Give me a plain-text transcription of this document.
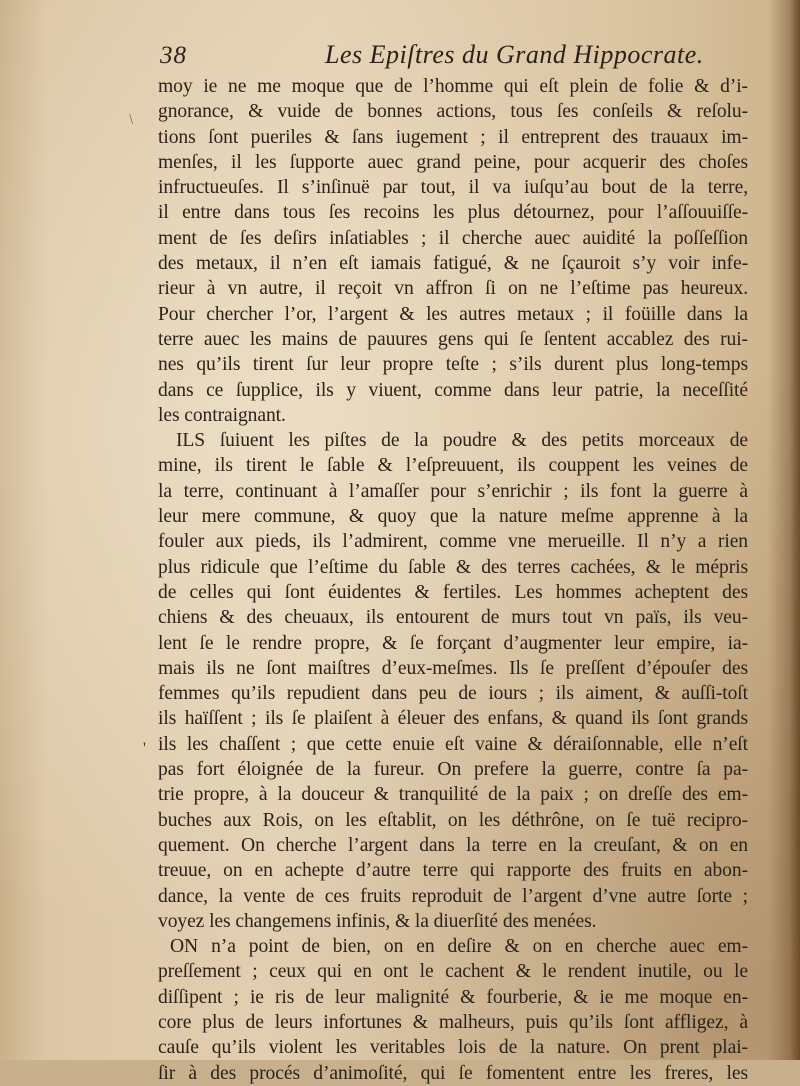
/
38	Les Epiſtres du Grand Hippocrate.
'
moy ie ne me moque que de l’homme qui eſt plein de folie & d’i-
gnorance, & vuide de bonnes actions, tous ſes conſeils & reſolu-
tions ſont pueriles & ſans iugement ; il entreprent des trauaux im-
menſes, il les ſupporte auec grand peine, pour acquerir des choſes
infructueuſes. Il s’inſinuë par tout, il va iuſqu’au bout de la terre,
il entre dans tous ſes recoins les plus détournez, pour l’aſſouuiſſe-
ment de ſes deſirs inſatiables ; il cherche auec auidité la poſſeſſion
des metaux, il n’en eſt iamais fatigué, & ne ſçauroit s’y voir infe-
rieur à vn autre, il reçoit vn affron ſi on ne l’eſtime pas heureux.
Pour chercher l’or, l’argent & les autres metaux ; il foüille dans la
terre auec les mains de pauures gens qui ſe ſentent accablez des rui-
nes qu’ils tirent ſur leur propre teſte ; s’ils durent plus long-temps
dans ce ſupplice, ils y viuent, comme dans leur patrie, la neceſſité
les contraignant.
ILS ſuiuent les piſtes de la poudre & des petits morceaux de
mine, ils tirent le ſable & l’eſpreuuent, ils couppent les veines de
la terre, continuant à l’amaſſer pour s’enrichir ; ils font la guerre à
leur mere commune, & quoy que la nature meſme apprenne à la
fouler aux pieds, ils l’admirent, comme vne merueille. Il n’y a rien
plus ridicule que l’eſtime du ſable & des terres cachées, & le mépris
de celles qui ſont éuidentes & fertiles. Les hommes acheptent des
chiens & des cheuaux, ils entourent de murs tout vn païs, ils veu-
lent ſe le rendre propre, & ſe forçant d’augmenter leur empire, ia-
mais ils ne ſont maiſtres d’eux-meſmes. Ils ſe preſſent d’épouſer des
femmes qu’ils repudient dans peu de iours ; ils aiment, & auſſi-toſt
ils haïſſent ; ils ſe plaiſent à éleuer des enfans, & quand ils ſont grands
ils les chaſſent ; que cette enuie eſt vaine & déraiſonnable, elle n’eſt
pas fort éloignée de la fureur. On prefere la guerre, contre ſa pa-
trie propre, à la douceur & tranquilité de la paix ; on dreſſe des em-
buches aux Rois, on les eſtablit, on les déthrône, on ſe tuë recipro-
quement. On cherche l’argent dans la terre en la creuſant, & on en
treuue, on en achepte d’autre terre qui rapporte des fruits en abon-
dance, la vente de ces fruits reproduit de l’argent d’vne autre ſorte ;
voyez les changemens infinis, & la diuerſité des menées.
ON n’a point de bien, on en deſire & on en cherche auec em-
preſſement ; ceux qui en ont le cachent & le rendent inutile, ou le
diſſipent ; ie ris de leur malignité & fourberie, & ie me moque en-
core plus de leurs infortunes & malheurs, puis qu’ils ſont affligez, à
cauſe qu’ils violent les veritables lois de la nature. On prent plai-
ſir à des procés d’animoſité, qui ſe fomentent entre les freres, les
